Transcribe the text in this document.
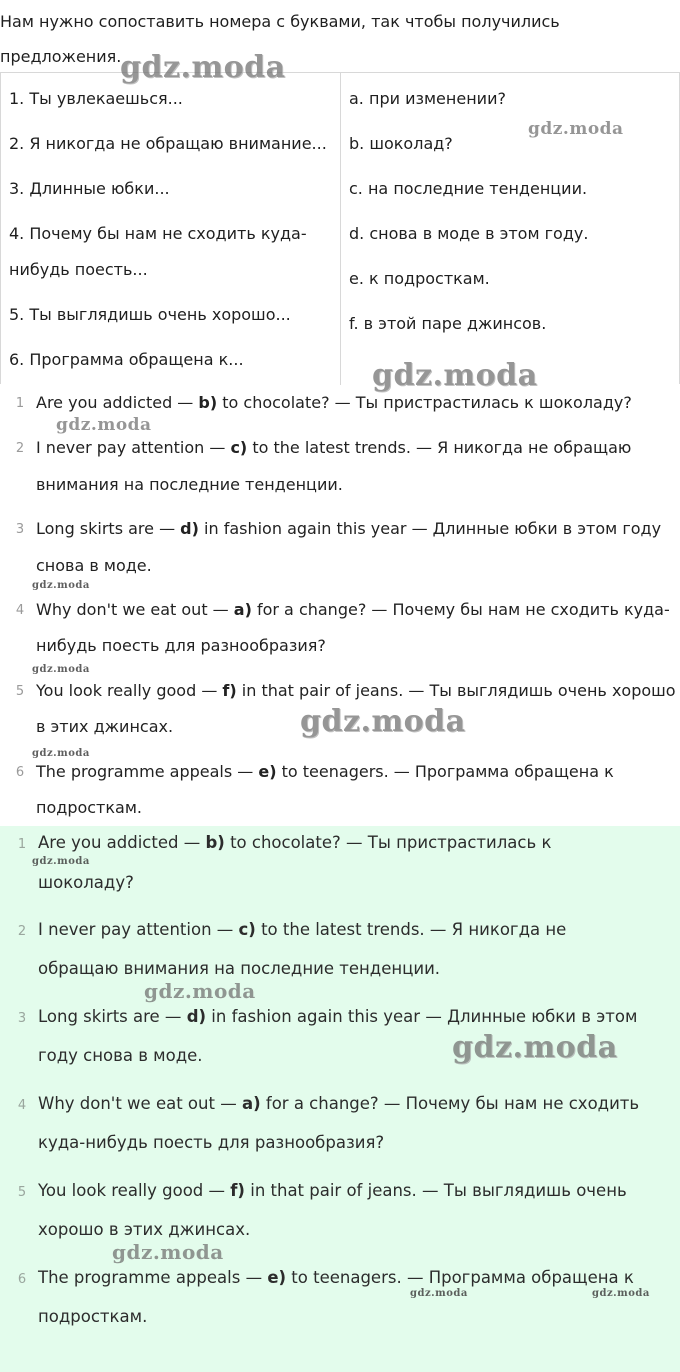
Нам нужно сопоставить номера с буквами, так чтобы получились
предложения.
1. Ты увлекаешься...
2. Я никогда не обращаю внимание...
3. Длинные юбки...
4. Почему бы нам не сходить куда-
нибудь поесть...
5. Ты выглядишь очень хорошо...
6. Программа обращена к...
a. при изменении?
b. шоколад?
c. на последние тенденции.
d. снова в моде в этом году.
e. к подросткам.
f. в этой паре джинсов.
1 Are you addicted — b) to chocolate? — Ты пристрастилась к шоколаду?
2 I never pay attention — c) to the latest trends. — Я никогда не обращаю
внимания на последние тенденции.
3 Long skirts are — d) in fashion again this year — Длинные юбки в этом году
снова в моде.
4 Why don't we eat out — a) for a change? — Почему бы нам не сходить куда-
нибудь поесть для разнообразия?
5 You look really good — f) in that pair of jeans. — Ты выглядишь очень хорошо
в этих джинсах.
6 The programme appeals — e) to teenagers. — Программа обращена к
подросткам.
1 Are you addicted — b) to chocolate? — Ты пристрастилась к
шоколаду?
2 I never pay attention — c) to the latest trends. — Я никогда не
обращаю внимания на последние тенденции.
3 Long skirts are — d) in fashion again this year — Длинные юбки в этом
году снова в моде.
4 Why don't we eat out — a) for a change? — Почему бы нам не сходить
куда-нибудь поесть для разнообразия?
5 You look really good — f) in that pair of jeans. — Ты выглядишь очень
хорошо в этих джинсах.
6 The programme appeals — e) to teenagers. — Программа обращена к
подросткам.
gdz.moda
gdz.moda
gdz.moda
gdz.moda
gdz.moda
gdz.moda
gdz.moda
gdz.moda
gdz.moda
gdz.moda
gdz.moda
gdz.moda
gdz.moda	gdz.moda
